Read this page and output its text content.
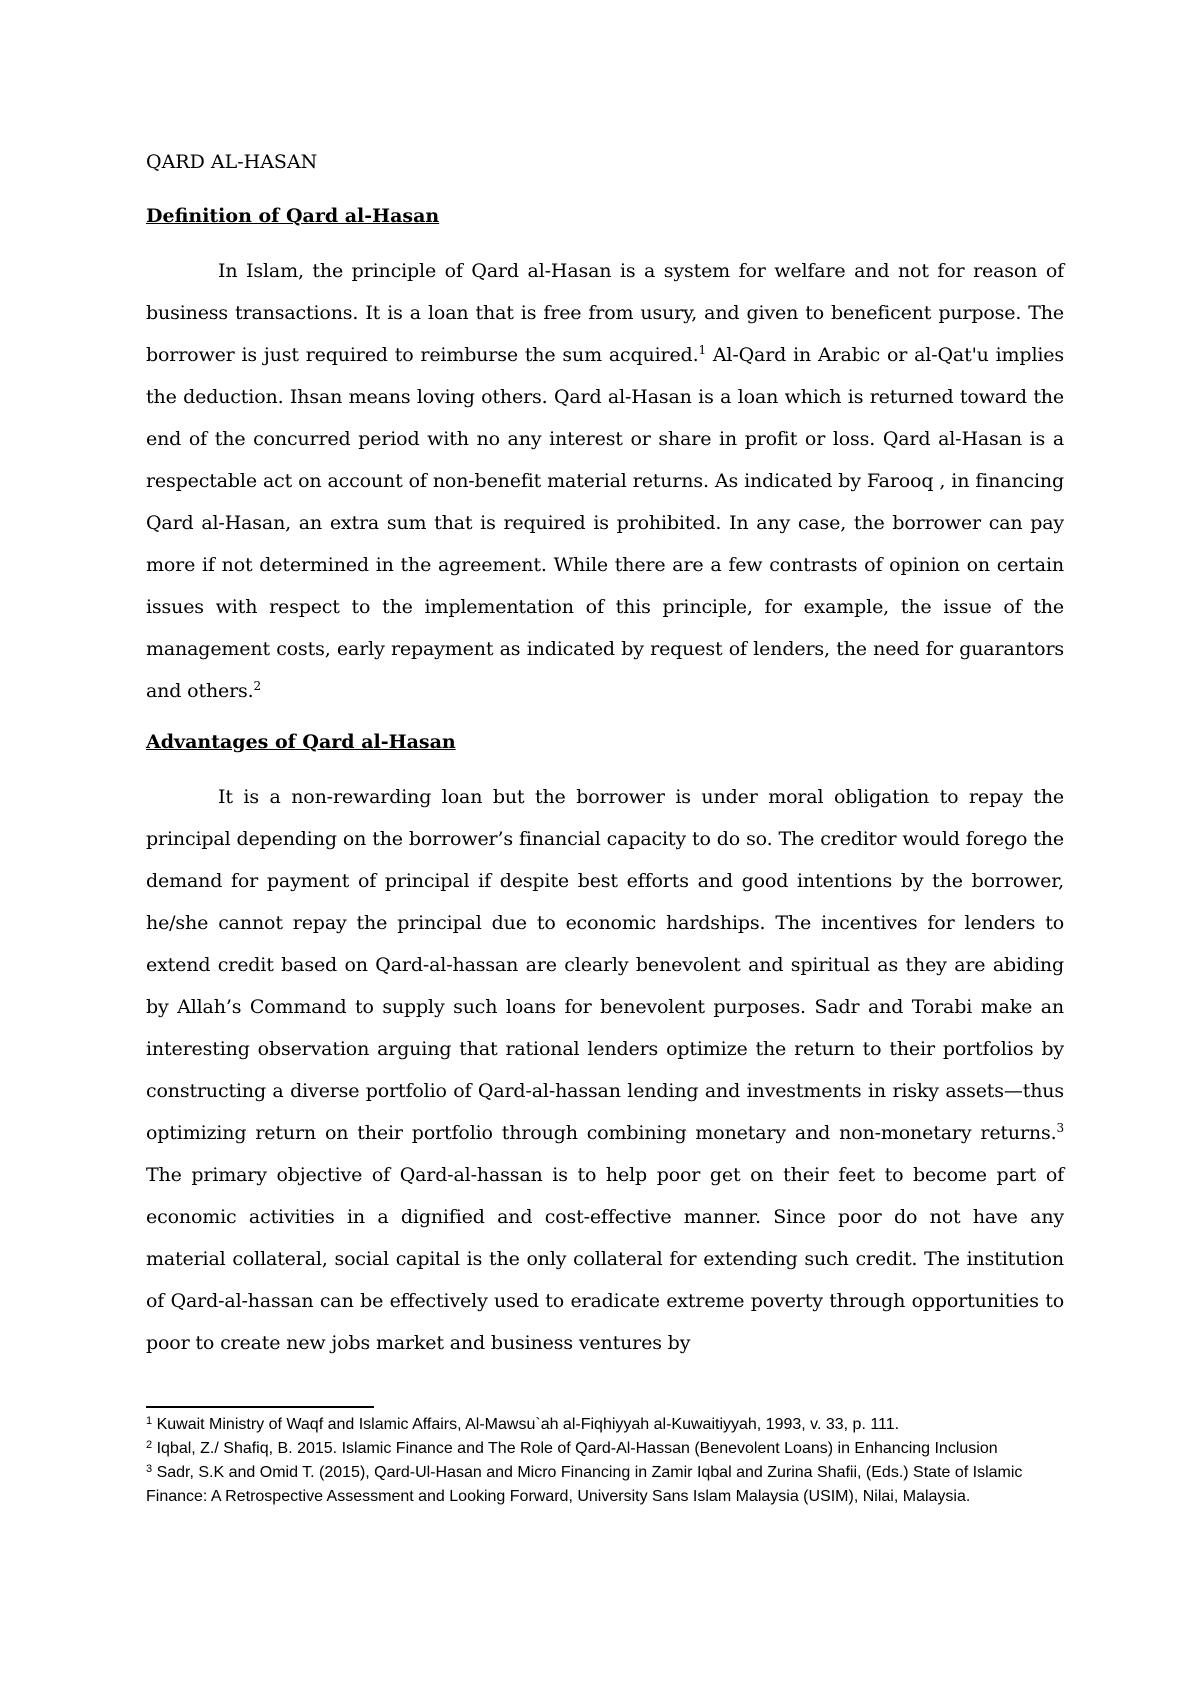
QARD AL-HASAN
Definition of Qard al-Hasan

In Islam, the principle of Qard al-Hasan is a system for welfare and not for reason of business transactions. It is a loan that is free from usury, and given to beneficent purpose. The borrower is just required to reimburse the sum acquired.$^1$ Al-Qard in Arabic or al-Qat'u implies the deduction. Ihsan means loving others. Qard al-Hasan is a loan which is returned toward the end of the concurred period with no any interest or share in profit or loss. Qard al-Hasan is a respectable act on account of non-benefit material returns. As indicated by Farooq , in financing Qard al-Hasan, an extra sum that is required is prohibited. In any case, the borrower can pay more if not determined in the agreement. While there are a few contrasts of opinion on certain issues with respect to the implementation of this principle, for example, the issue of the management costs, early repayment as indicated by request of lenders, the need for guarantors and others.$^2$

Advantages of Qard al-Hasan

It is a non-rewarding loan but the borrower is under moral obligation to repay the principal depending on the borrower’s financial capacity to do so. The creditor would forego the demand for payment of principal if despite best efforts and good intentions by the borrower, he/she cannot repay the principal due to economic hardships. The incentives for lenders to extend credit based on Qard-al-hassan are clearly benevolent and spiritual as they are abiding by Allah’s Command to supply such loans for benevolent purposes. Sadr and Torabi make an interesting observation arguing that rational lenders optimize the return to their portfolios by constructing a diverse portfolio of Qard-al-hassan lending and investments in risky assets—thus optimizing return on their portfolio through combining monetary and non-monetary returns.$^3$ The primary objective of Qard-al-hassan is to help poor get on their feet to become part of economic activities in a dignified and cost-effective manner. Since poor do not have any material collateral, social capital is the only collateral for extending such credit. The institution of Qard-al-hassan can be effectively used to eradicate extreme poverty through opportunities to poor to create new jobs market and business ventures by

$^1$ Kuwait Ministry of Waqf and Islamic Affairs, Al-Mawsu`ah al-Fiqhiyyah al-Kuwaitiyyah, 1993, v. 33, p. 111.

$^2$ Iqbal, Z./ Shafiq, B. 2015. Islamic Finance and The Role of Qard-Al-Hassan (Benevolent Loans) in Enhancing Inclusion

$^3$ Sadr, S.K and Omid T. (2015), Qard-Ul-Hasan and Micro Financing in Zamir Iqbal and Zurina Shafii, (Eds.) State of Islamic Finance: A Retrospective Assessment and Looking Forward, University Sans Islam Malaysia (USIM), Nilai, Malaysia.
